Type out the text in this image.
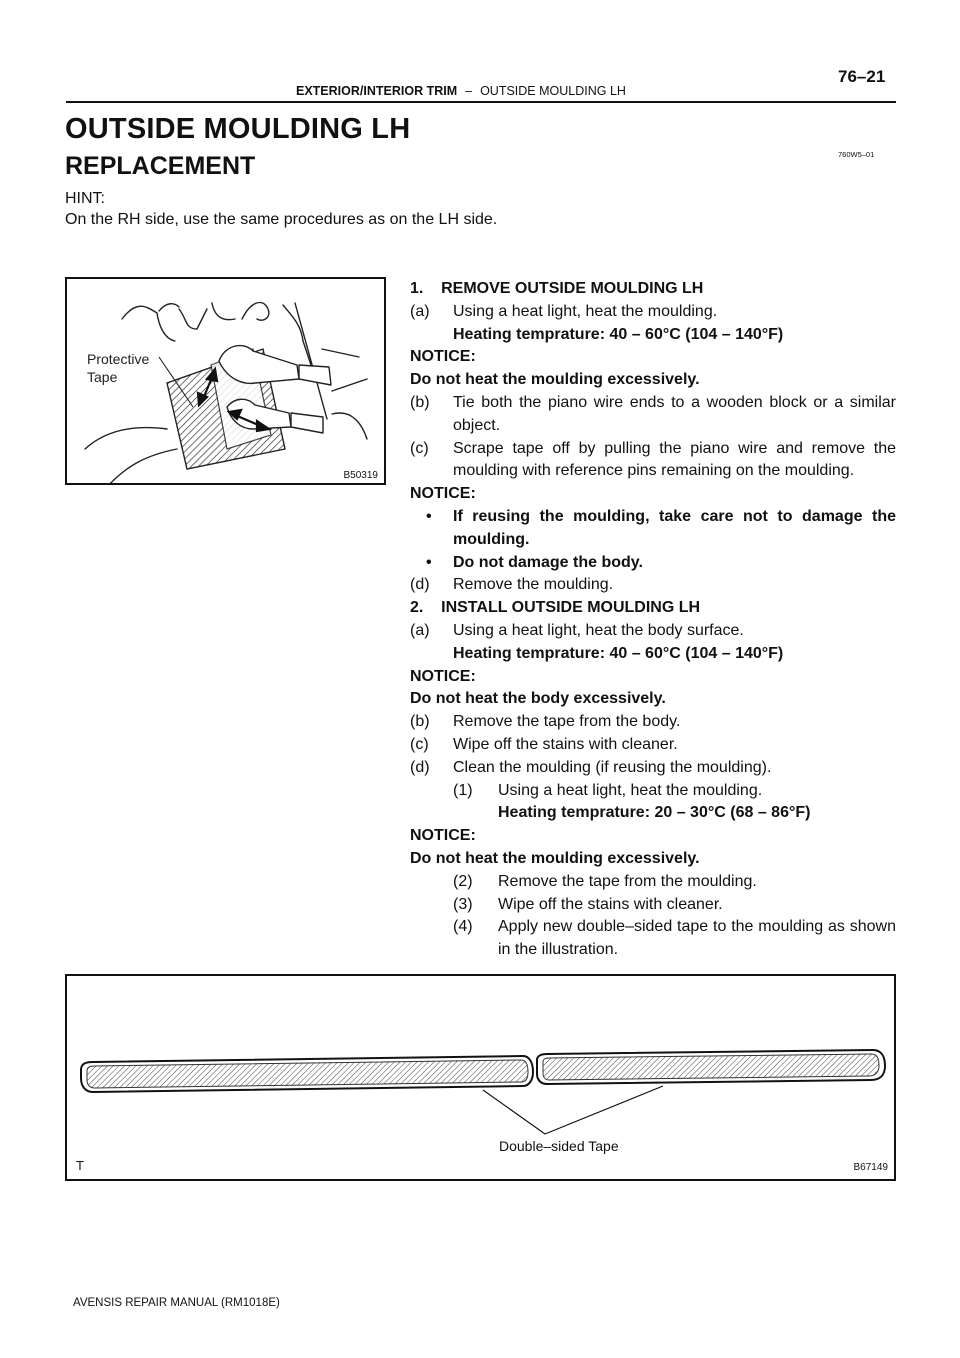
76–21
EXTERIOR/INTERIOR TRIM – OUTSIDE MOULDING LH
OUTSIDE MOULDING LH
760W5–01
REPLACEMENT
HINT:
On the RH side, use the same procedures as on the LH side.
Protective
Tape
B50319
1.    REMOVE OUTSIDE MOULDING LH
(a) Using a heat light, heat the moulding.
Heating temprature: 40 – 60°C (104 – 140°F)
NOTICE:
Do not heat the moulding excessively.
(b) Tie both the piano wire ends to a wooden block or a similar object.
(c) Scrape tape off by pulling the piano wire and remove the moulding with reference pins remaining on the moulding.
NOTICE:
• If reusing the moulding, take care not to damage the moulding.
• Do not damage the body.
(d) Remove the moulding.
2.    INSTALL OUTSIDE MOULDING LH
(a) Using a heat light, heat the body surface.
Heating temprature: 40 – 60°C (104 – 140°F)
NOTICE:
Do not heat the body excessively.
(b) Remove the tape from the body.
(c) Wipe off the stains with cleaner.
(d) Clean the moulding (if reusing the moulding).
(1) Using a heat light, heat the moulding.
Heating temprature: 20 – 30°C (68 – 86°F)
NOTICE:
Do not heat the moulding excessively.
(2) Remove the tape from the moulding.
(3) Wipe off the stains with cleaner.
(4) Apply new double–sided tape to the moulding as shown in the illustration.
Double–sided Tape
T	B67149
AVENSIS REPAIR MANUAL (RM1018E)
